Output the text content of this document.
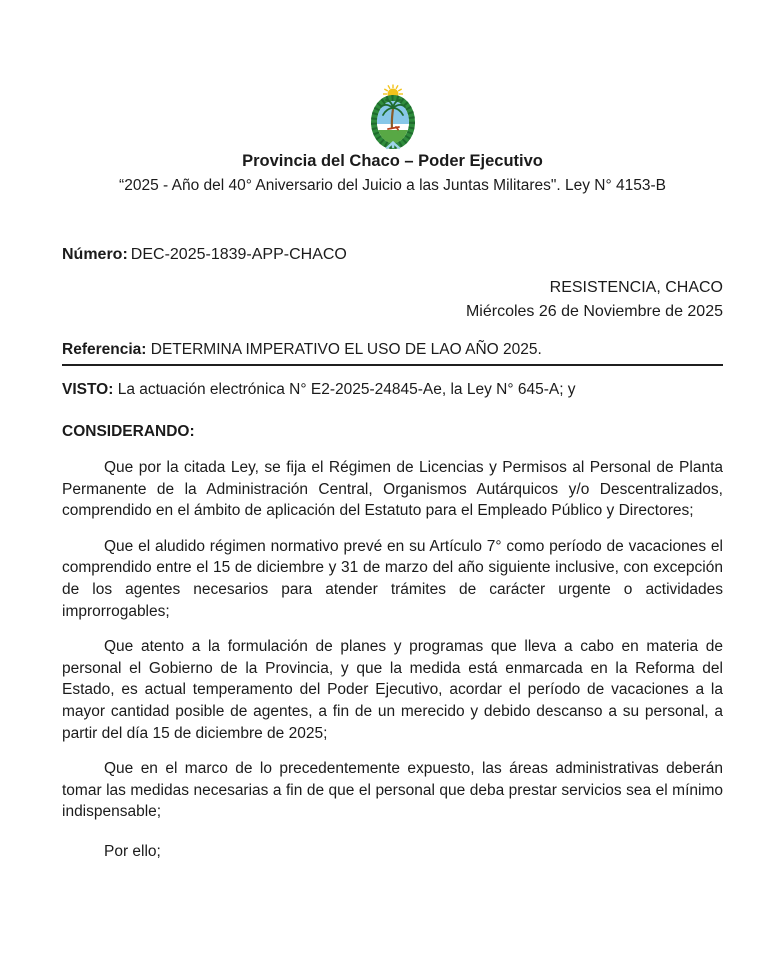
Provincia del Chaco – Poder Ejecutivo
“2025 - Año del 40° Aniversario del Juicio a las Juntas Militares". Ley N° 4153-B
Número: DEC-2025-1839-APP-CHACO
RESISTENCIA, CHACO
Miércoles 26 de Noviembre de 2025
Referencia: DETERMINA IMPERATIVO EL USO DE LAO AÑO 2025.
VISTO: La actuación electrónica N° E2-2025-24845-Ae, la Ley N° 645-A; y
CONSIDERANDO:

Que por la citada Ley, se fija el Régimen de Licencias y Permisos al Personal de Planta Permanente de la Administración Central, Organismos Autárquicos y/o Descentralizados, comprendido en el ámbito de aplicación del Estatuto para el Empleado Público y Directores;

Que el aludido régimen normativo prevé en su Artículo 7° como período de vacaciones el comprendido entre el 15 de diciembre y 31 de marzo del año siguiente inclusive, con excepción de los agentes necesarios para atender trámites de carácter urgente o actividades improrrogables;

Que atento a la formulación de planes y programas que lleva a cabo en materia de personal el Gobierno de la Provincia, y que la medida está enmarcada en la Reforma del Estado, es actual temperamento del Poder Ejecutivo, acordar el período de vacaciones a la mayor cantidad posible de agentes, a fin de un merecido y debido descanso a su personal, a partir del día 15 de diciembre de 2025;

Que en el marco de lo precedentemente expuesto, las áreas administrativas deberán tomar las medidas necesarias a fin de que el personal que deba prestar servicios sea el mínimo indispensable;

Por ello;
